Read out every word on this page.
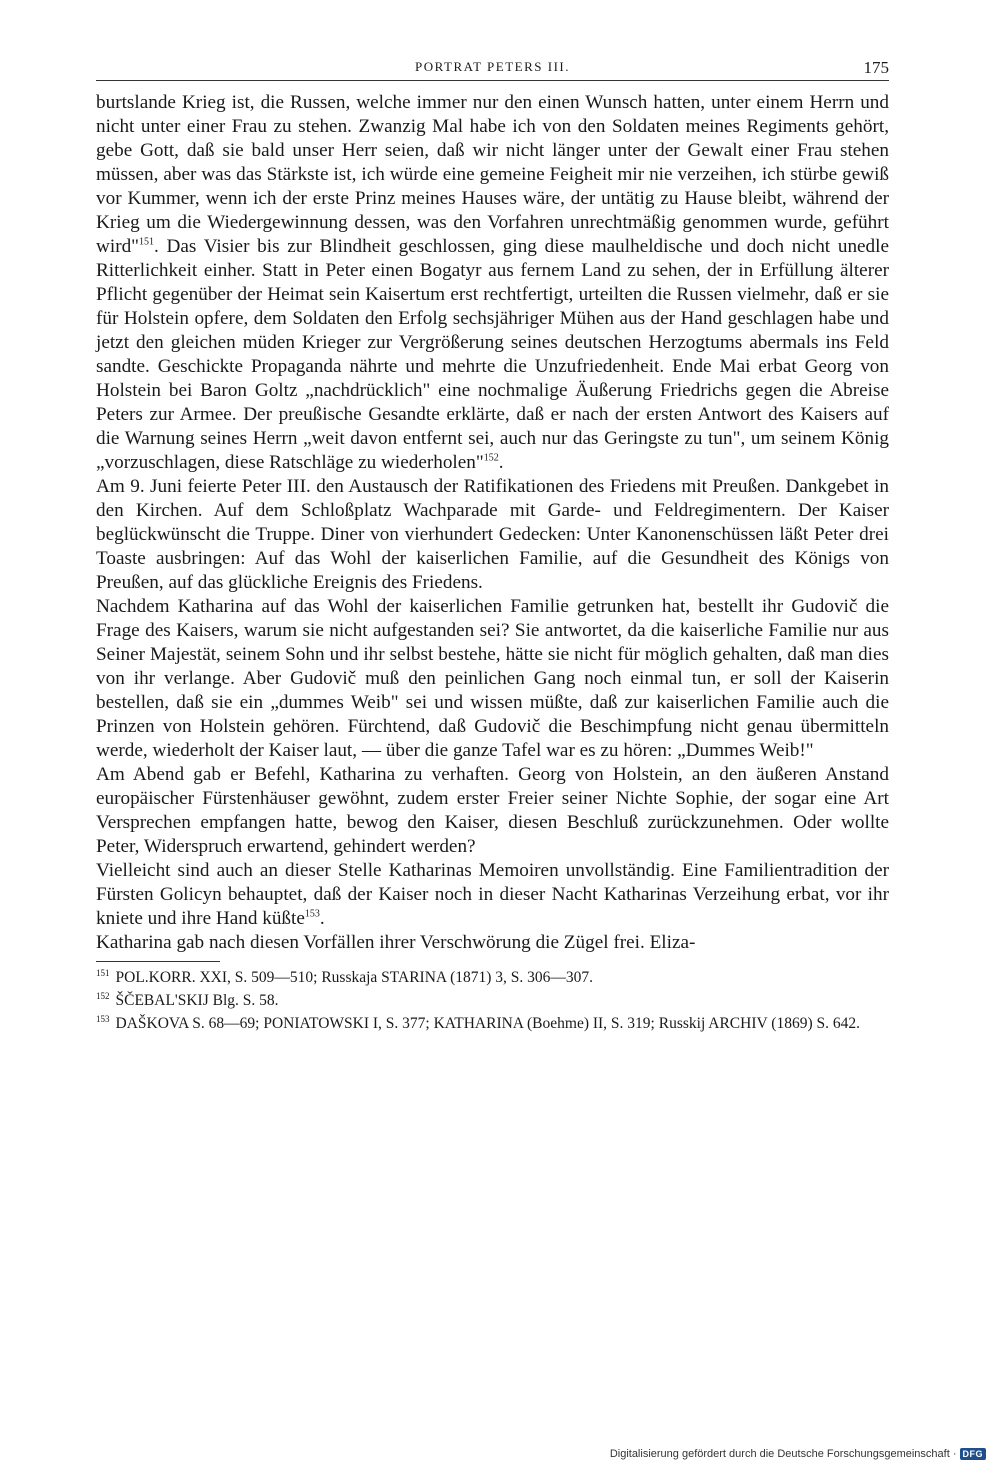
PORTRAT PETERS III.	175

burtslande Krieg ist, die Russen, welche immer nur den einen Wunsch hatten, unter einem Herrn und nicht unter einer Frau zu stehen. Zwanzig Mal habe ich von den Soldaten meines Regiments gehört, gebe Gott, daß sie bald unser Herr seien, daß wir nicht länger unter der Gewalt einer Frau stehen müssen, aber was das Stärkste ist, ich würde eine gemeine Feigheit mir nie verzeihen, ich stürbe gewiß vor Kummer, wenn ich der erste Prinz meines Hauses wäre, der untätig zu Hause bleibt, während der Krieg um die Wiedergewinnung dessen, was den Vorfahren unrechtmäßig genommen wurde, geführt wird"$^{151}$. Das Visier bis zur Blindheit geschlossen, ging diese maulheldische und doch nicht unedle Ritterlichkeit einher. Statt in Peter einen Bogatyr aus fernem Land zu sehen, der in Erfüllung älterer Pflicht gegenüber der Heimat sein Kaisertum erst rechtfertigt, urteilten die Russen vielmehr, daß er sie für Holstein opfere, dem Soldaten den Erfolg sechsjähriger Mühen aus der Hand geschlagen habe und jetzt den gleichen müden Krieger zur Vergrößerung seines deutschen Herzogtums abermals ins Feld sandte. Geschickte Propaganda nährte und mehrte die Unzufriedenheit. Ende Mai erbat Georg von Holstein bei Baron Goltz „nachdrücklich" eine nochmalige Äußerung Friedrichs gegen die Abreise Peters zur Armee. Der preußische Gesandte erklärte, daß er nach der ersten Antwort des Kaisers auf die Warnung seines Herrn „weit davon entfernt sei, auch nur das Geringste zu tun", um seinem König „vorzuschlagen, diese Ratschläge zu wiederholen"$^{152}$.

Am 9. Juni feierte Peter III. den Austausch der Ratifikationen des Friedens mit Preußen. Dankgebet in den Kirchen. Auf dem Schloßplatz Wachparade mit Garde- und Feldregimentern. Der Kaiser beglückwünscht die Truppe. Diner von vierhundert Gedecken: Unter Kanonenschüssen läßt Peter drei Toaste ausbringen: Auf das Wohl der kaiserlichen Familie, auf die Gesundheit des Königs von Preußen, auf das glückliche Ereignis des Friedens.

Nachdem Katharina auf das Wohl der kaiserlichen Familie getrunken hat, bestellt ihr Gudovič die Frage des Kaisers, warum sie nicht aufgestanden sei? Sie antwortet, da die kaiserliche Familie nur aus Seiner Majestät, seinem Sohn und ihr selbst bestehe, hätte sie nicht für möglich gehalten, daß man dies von ihr verlange. Aber Gudovič muß den peinlichen Gang noch einmal tun, er soll der Kaiserin bestellen, daß sie ein „dummes Weib" sei und wissen müßte, daß zur kaiserlichen Familie auch die Prinzen von Holstein gehören. Fürchtend, daß Gudovič die Beschimpfung nicht genau übermitteln werde, wiederholt der Kaiser laut, — über die ganze Tafel war es zu hören: „Dummes Weib!"

Am Abend gab er Befehl, Katharina zu verhaften. Georg von Holstein, an den äußeren Anstand europäischer Fürstenhäuser gewöhnt, zudem erster Freier seiner Nichte Sophie, der sogar eine Art Versprechen empfangen hatte, bewog den Kaiser, diesen Beschluß zurückzunehmen. Oder wollte Peter, Widerspruch erwartend, gehindert werden?

Vielleicht sind auch an dieser Stelle Katharinas Memoiren unvollständig. Eine Familientradition der Fürsten Golicyn behauptet, daß der Kaiser noch in dieser Nacht Katharinas Verzeihung erbat, vor ihr kniete und ihre Hand küßte$^{153}$.

Katharina gab nach diesen Vorfällen ihrer Verschwörung die Zügel frei. Eliza-

$^{151}$ POL.KORR. XXI, S. 509—510; Russkaja STARINA (1871) 3, S. 306—307.

$^{152}$ ŠČEBAL'SKIJ Blg. S. 58.

$^{153}$ DAŠKOVA S. 68—69; PONIATOWSKI I, S. 377; KATHARINA (Boehme) II, S. 319; Russkij ARCHIV (1869) S. 642.

Digitalisierung gefördert durch die Deutsche Forschungsgemeinschaft · DFG
